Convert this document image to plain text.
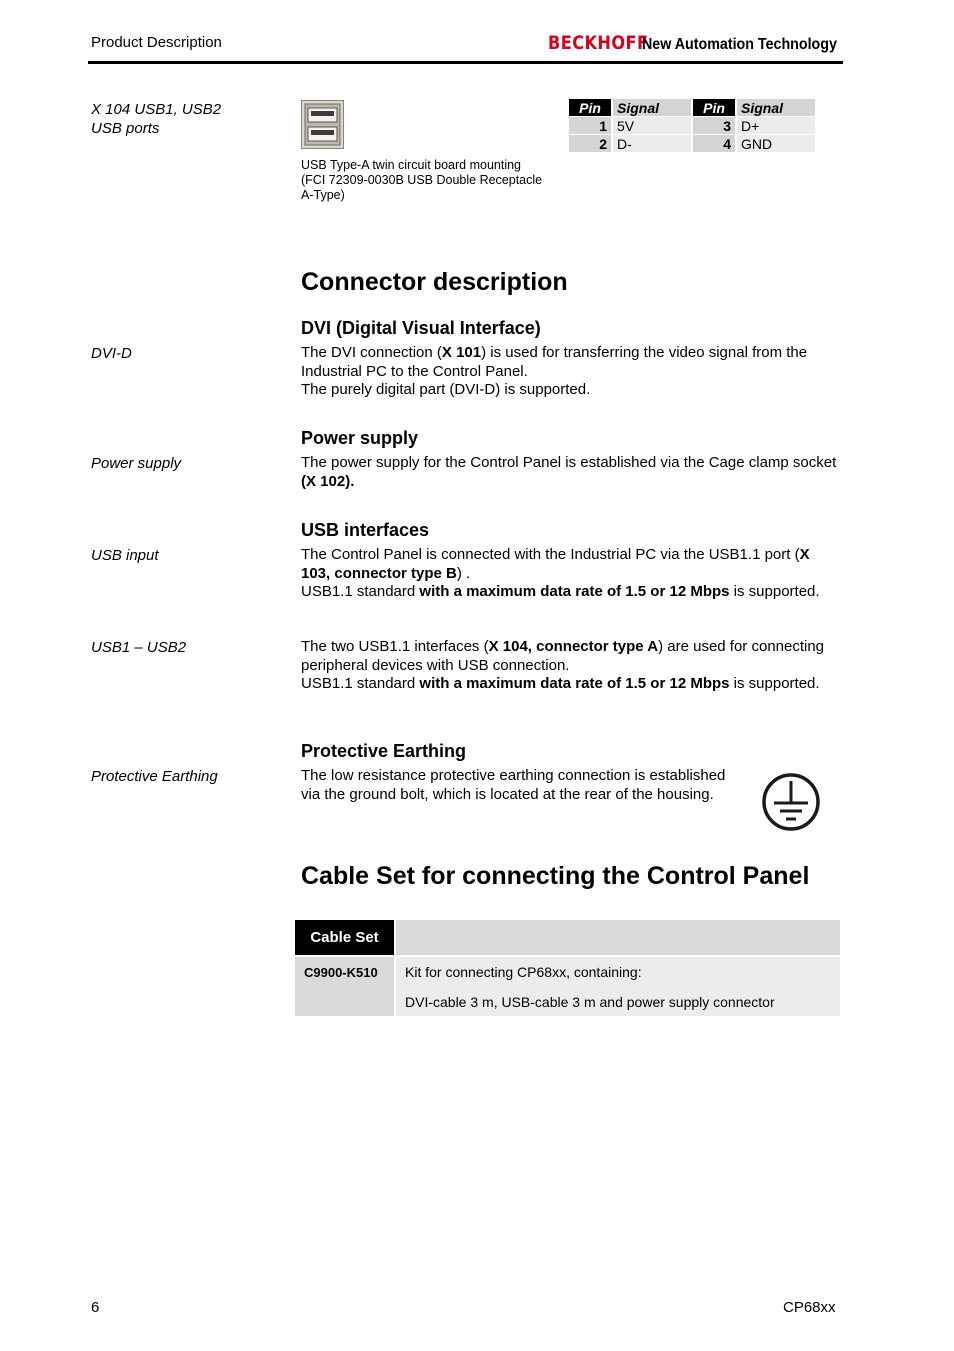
Product Description	BECKHOFF
New Automation Technology
X 104 USB1, USB2
USB ports
USB Type-A twin circuit board mounting
(FCI 72309-0030B USB Double Receptacle
A-Type)
Pin	Signal	Pin	Signal
1	5V	3	D+
2	D-	4	GND
Connector description
DVI (Digital Visual Interface)
DVI-D	The DVI connection (X 101) is used for transferring the video signal from the Industrial PC to the Control Panel.
The purely digital part (DVI-D) is supported.
Power supply
Power supply	The power supply for the Control Panel is established via the Cage clamp socket (X 102).
USB interfaces
USB input	The Control Panel is connected with the Industrial PC via the USB1.1 port (X 103, connector type B) .
USB1.1 standard with a maximum data rate of 1.5 or 12 Mbps is supported.
USB1 – USB2	The two USB1.1 interfaces (X 104, connector type A) are used for connecting peripheral devices with USB connection.
USB1.1 standard with a maximum data rate of 1.5 or 12 Mbps is supported.
Protective Earthing
Protective Earthing	The low resistance protective earthing connection is established via the ground bolt, which is located at the rear of the housing.
Cable Set for connecting the Control Panel
Cable Set	
C9900-K510	Kit for connecting CP68xx, containing:
DVI-cable 3 m, USB-cable 3 m and power supply connector
6	CP68xx
